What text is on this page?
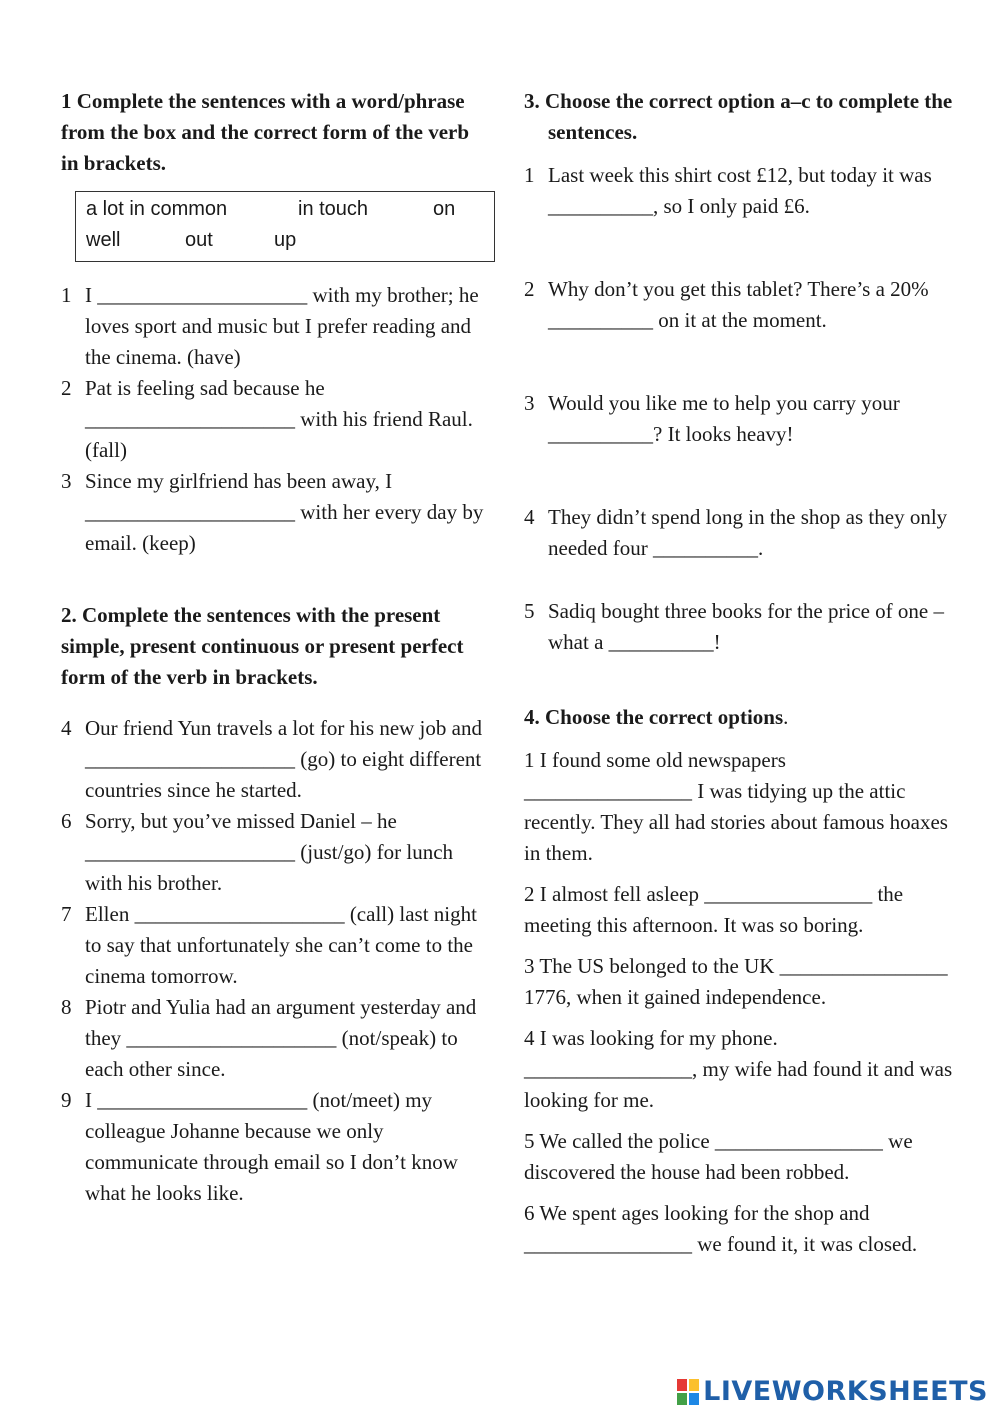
1 Complete the sentences with a word/phrase from the box and the correct form of the verb in brackets.
a lot in common	in touch	on
well	out	up
1 I ____________________ with my brother; he loves sport and music but I prefer reading and the cinema. (have)
2 Pat is feeling sad because he ____________________ with his friend Raul. (fall)
3 Since my girlfriend has been away, I ____________________ with her every day by email. (keep)
2. Complete the sentences with the present simple, present continuous or present perfect form of the verb in brackets.
4 Our friend Yun travels a lot for his new job and ____________________ (go) to eight different countries since he started.
6 Sorry, but you’ve missed Daniel – he ____________________ (just/go) for lunch with his brother.
7 Ellen ____________________ (call) last night to say that unfortunately she can’t come to the cinema tomorrow.
8 Piotr and Yulia had an argument yesterday and they ____________________ (not/speak) to each other since.
9 I ____________________ (not/meet) my colleague Johanne because we only communicate through email so I don’t know what he looks like.
3. Choose the correct option a–c to complete the sentences.
1 Last week this shirt cost £12, but today it was __________, so I only paid £6.
2 Why don’t you get this tablet? There’s a 20% __________ on it at the moment.
3 Would you like me to help you carry your __________? It looks heavy!
4 They didn’t spend long in the shop as they only needed four __________.
5 Sadiq bought three books for the price of one – what a __________!
4. Choose the correct options.
1 I found some old newspapers ________________ I was tidying up the attic recently. They all had stories about famous hoaxes in them.
2 I almost fell asleep ________________ the meeting this afternoon. It was so boring.
3 The US belonged to the UK ________________ 1776, when it gained independence.
4 I was looking for my phone. ________________, my wife had found it and was looking for me.
5 We called the police ________________ we discovered the house had been robbed.
6 We spent ages looking for the shop and ________________ we found it, it was closed.
LIVEWORKSHEETS
